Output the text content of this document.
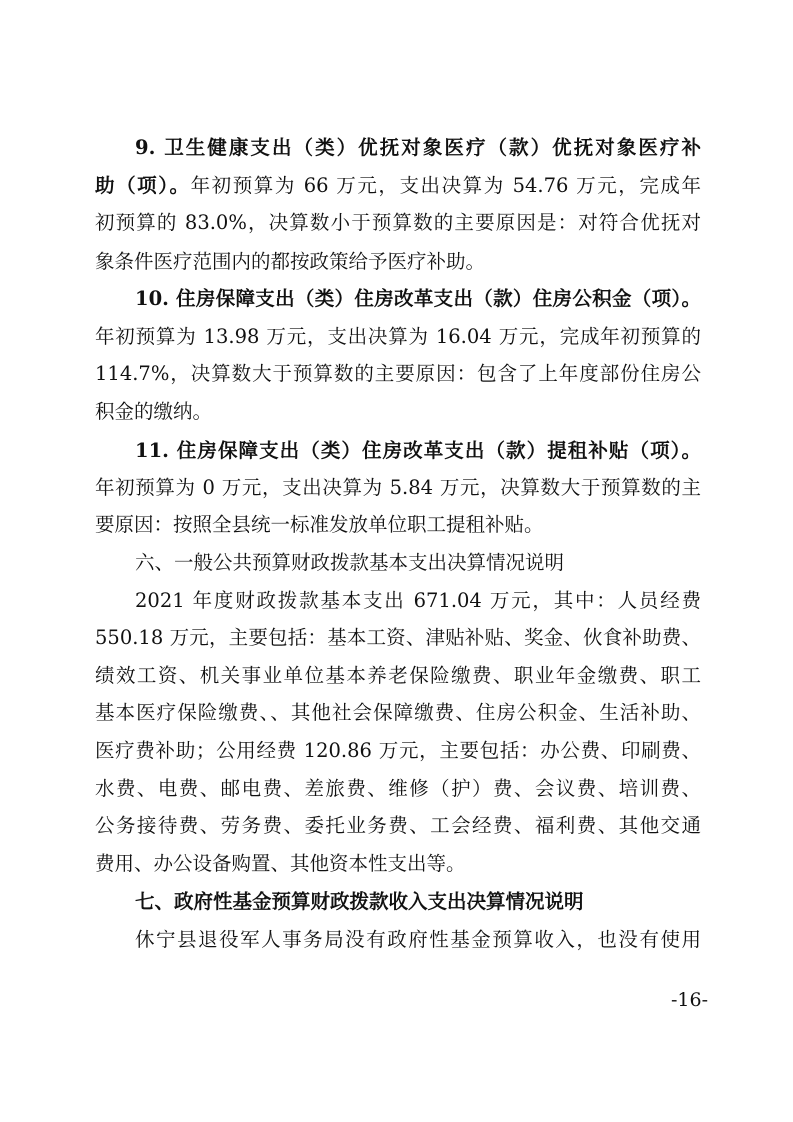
9. 卫生健康支出（类）优抚对象医疗（款）优抚对象医疗补
助（项）。年初预算为 66 万元，支出决算为 54.76 万元，完成年
初预算的 83.0%，决算数小于预算数的主要原因是：对符合优抚对
象条件医疗范围内的都按政策给予医疗补助。
10. 住房保障支出（类）住房改革支出（款）住房公积金（项）。
年初预算为 13.98 万元，支出决算为 16.04 万元，完成年初预算的
114.7%，决算数大于预算数的主要原因：包含了上年度部份住房公
积金的缴纳。
11. 住房保障支出（类）住房改革支出（款）提租补贴（项）。
年初预算为 0 万元，支出决算为 5.84 万元，决算数大于预算数的主
要原因：按照全县统一标准发放单位职工提租补贴。
六、一般公共预算财政拨款基本支出决算情况说明
2021 年度财政拨款基本支出 671.04 万元，其中：人员经费
550.18 万元，主要包括：基本工资、津贴补贴、奖金、伙食补助费、
绩效工资、机关事业单位基本养老保险缴费、职业年金缴费、职工
基本医疗保险缴费、、其他社会保障缴费、住房公积金、生活补助、
医疗费补助；公用经费 120.86 万元，主要包括：办公费、印刷费、
水费、电费、邮电费、差旅费、维修（护）费、会议费、培训费、
公务接待费、劳务费、委托业务费、工会经费、福利费、其他交通
费用、办公设备购置、其他资本性支出等。
七、政府性基金预算财政拨款收入支出决算情况说明
休宁县退役军人事务局没有政府性基金预算收入，也没有使用
-16-
